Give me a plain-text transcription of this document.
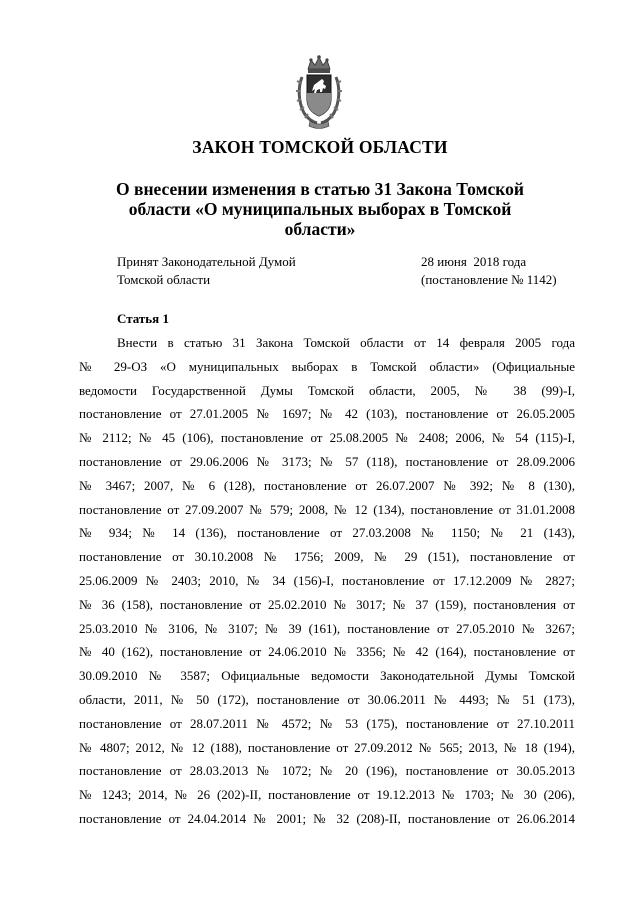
ЗАКОН ТОМСКОЙ ОБЛАСТИ
О внесении изменения в статью 31 Закона Томской
области «О муниципальных выборах в Томской
области»
Принят Законодательной Думой
Томской области
28 июня  2018 года
(постановление № 1142)
Статья 1
Внести в статью 31 Закона Томской области от 14 февраля 2005 года
№ 29-ОЗ «О муниципальных выборах в Томской области» (Официальные
ведомости Государственной Думы Томской области, 2005, № 38 (99)-I,
постановление от 27.01.2005 № 1697; № 42 (103), постановление от 26.05.2005
№ 2112; № 45 (106), постановление от 25.08.2005 № 2408; 2006, № 54 (115)-I,
постановление от 29.06.2006 № 3173; № 57 (118), постановление от 28.09.2006
№ 3467; 2007, № 6 (128), постановление от 26.07.2007 № 392; № 8 (130),
постановление от 27.09.2007 № 579; 2008, № 12 (134), постановление от 31.01.2008
№ 934; № 14 (136), постановление от 27.03.2008 № 1150; № 21 (143),
постановление от 30.10.2008 № 1756; 2009, № 29 (151), постановление от
25.06.2009 № 2403; 2010, № 34 (156)-I, постановление от 17.12.2009 № 2827;
№ 36 (158), постановление от 25.02.2010 № 3017; № 37 (159), постановления от
25.03.2010 № 3106, № 3107; № 39 (161), постановление от 27.05.2010 № 3267;
№ 40 (162), постановление от 24.06.2010 № 3356; № 42 (164), постановление от
30.09.2010 № 3587; Официальные ведомости Законодательной Думы Томской
области, 2011, № 50 (172), постановление от 30.06.2011 № 4493; № 51 (173),
постановление от 28.07.2011 № 4572; № 53 (175), постановление от 27.10.2011
№ 4807; 2012, № 12 (188), постановление от 27.09.2012 № 565; 2013, № 18 (194),
постановление от 28.03.2013 № 1072; № 20 (196), постановление от 30.05.2013
№ 1243; 2014, № 26 (202)-II, постановление от 19.12.2013 № 1703; № 30 (206),
постановление от 24.04.2014 № 2001; № 32 (208)-II, постановление от 26.06.2014
